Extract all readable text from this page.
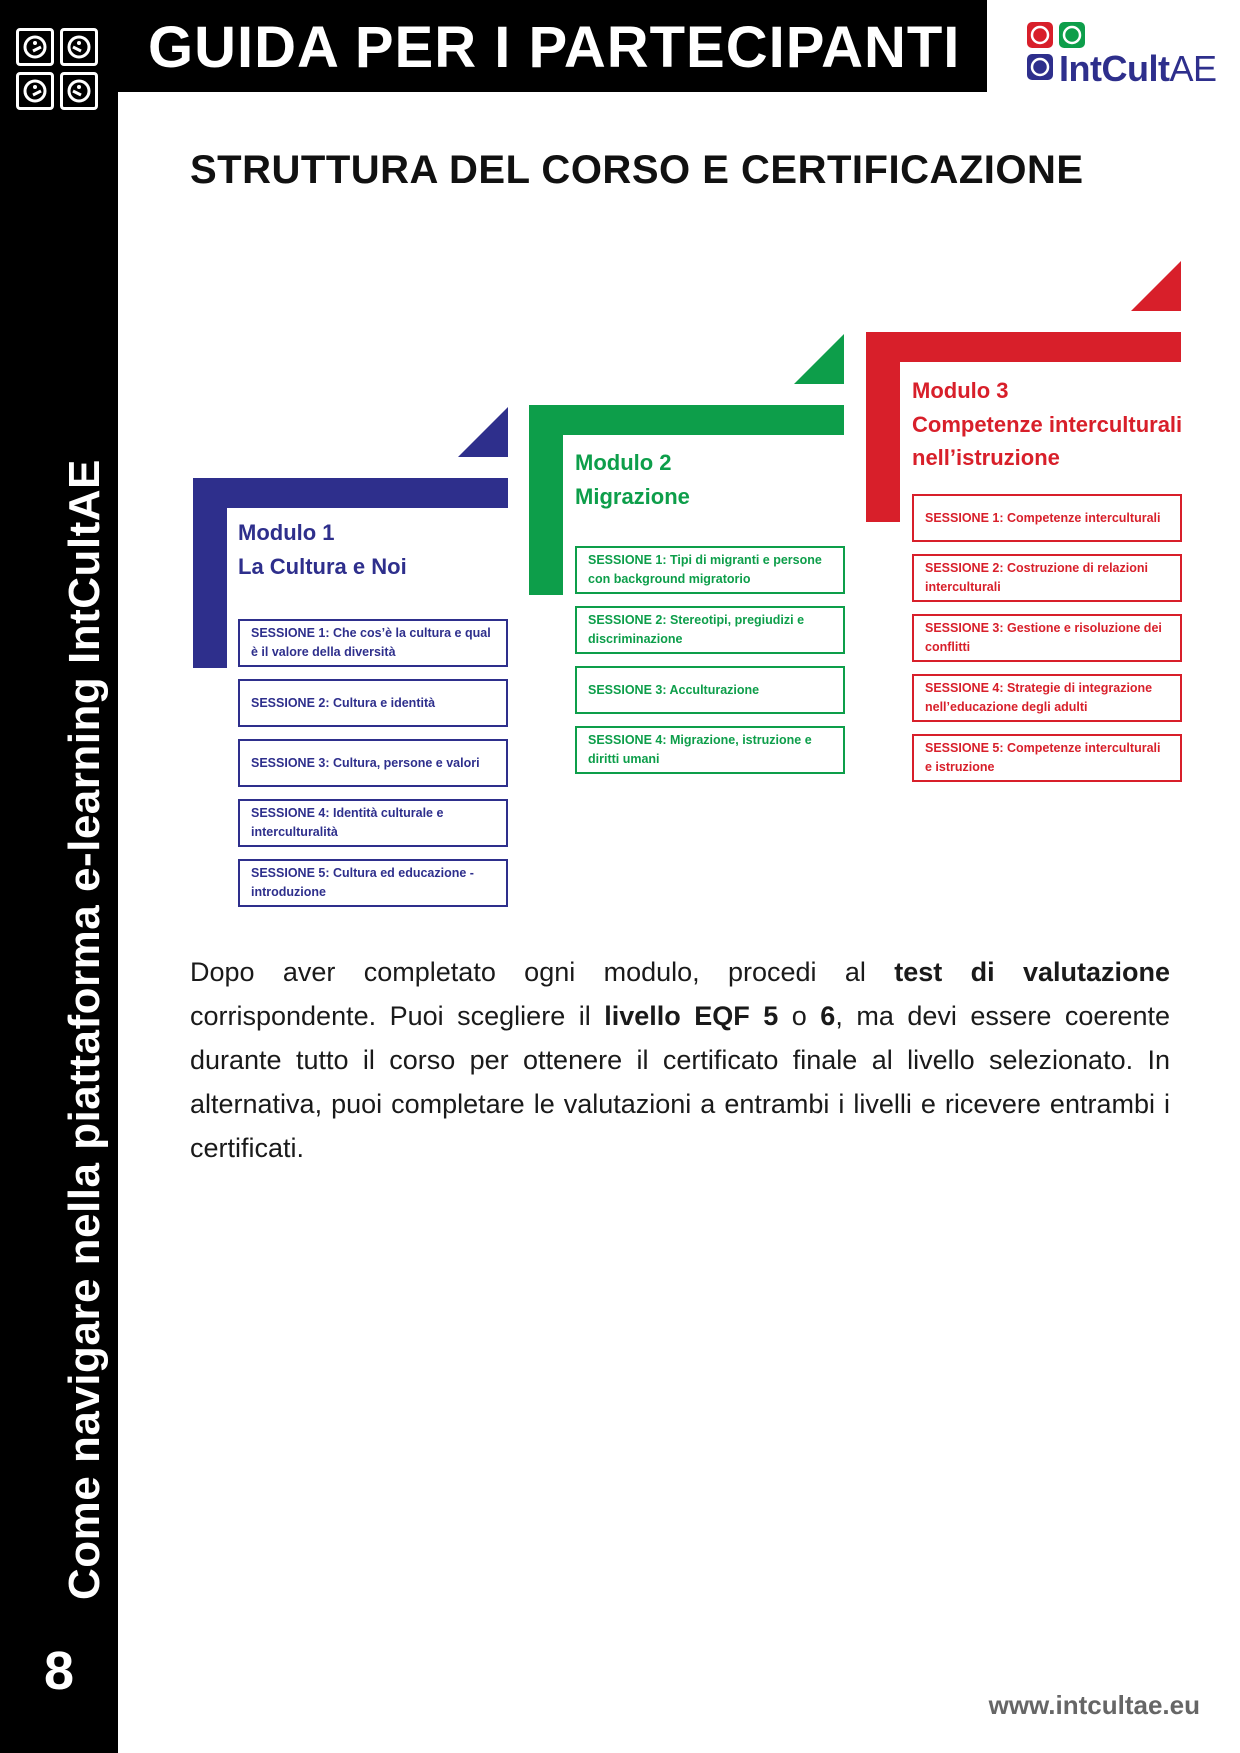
Come navigare nella piattaforma e-learning IntCultAE
8
GUIDA PER I PARTECIPANTI	IntCultAE
STRUTTURA DEL CORSO E CERTIFICAZIONE
Modulo 1
La Cultura e Noi
SESSIONE 1: Che cos’è la cultura e qual è il valore della diversità
SESSIONE 2: Cultura e identità
SESSIONE 3: Cultura, persone e valori
SESSIONE 4: Identità culturale e interculturalità
SESSIONE 5: Cultura ed educazione - introduzione
Modulo 2
Migrazione
SESSIONE 1: Tipi di migranti e persone con background migratorio
SESSIONE 2: Stereotipi, pregiudizi e discriminazione
SESSIONE 3: Acculturazione
SESSIONE 4: Migrazione, istruzione e diritti umani
Modulo 3
Competenze interculturali
nell’istruzione
SESSIONE 1: Competenze interculturali
SESSIONE 2: Costruzione di relazioni interculturali
SESSIONE 3: Gestione e risoluzione dei conflitti
SESSIONE 4: Strategie di integrazione nell’educazione degli adulti
SESSIONE 5: Competenze interculturali e istruzione
Dopo aver completato ogni modulo, procedi al test di valutazione corrispondente. Puoi scegliere il livello EQF 5 o 6, ma devi essere coerente durante tutto il corso per ottenere il certificato finale al livello selezionato. In alternativa, puoi completare le valutazioni a entrambi i livelli e ricevere entrambi i certificati.
www.intcultae.eu
